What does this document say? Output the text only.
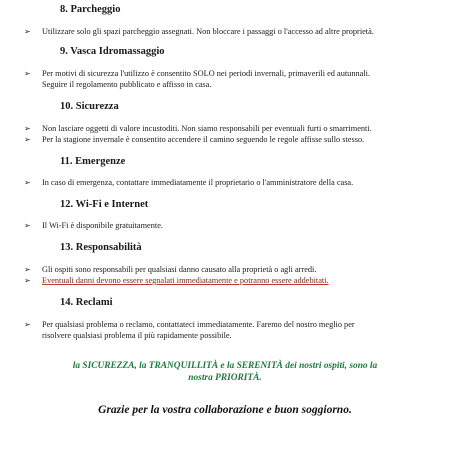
8. Parcheggio
➢	Utilizzare solo gli spazi parcheggio assegnati. Non bloccare i passaggi o l'accesso ad altre proprietà.
9. Vasca Idromassaggio
➢	Per motivi di sicurezza l'utilizzo è consentito SOLO nei periodi invernali, primaverili ed autunnali.
Seguire il regolamento pubblicato e affisso in casa.
10. Sicurezza
➢	Non lasciare oggetti di valore incustoditi. Non siamo responsabili per eventuali furti o smarrimenti.
➢	Per la stagione invernale è consentito accendere il camino seguendo le regole affisse sullo stesso.
11. Emergenze
➢	In caso di emergenza, contattare immediatamente il proprietario o l'amministratore della casa.
12. Wi-Fi e Internet
➢	Il Wi-Fi è disponibile gratuitamente.
13. Responsabilità
➢	Gli ospiti sono responsabili per qualsiasi danno causato alla proprietà o agli arredi.
➢	Eventuali danni devono essere segnalati immediatamente e potranno essere addebitati.
14. Reclami
➢	Per qualsiasi problema o reclamo, contattateci immediatamente. Faremo del nostro meglio per
risolvere qualsiasi problema il più rapidamente possibile.
la SICUREZZA, la TRANQUILLITÀ e la SERENITÀ dei nostri ospiti, sono la
nostra PRIORITÀ.
Grazie per la vostra collaborazione e buon soggiorno.
